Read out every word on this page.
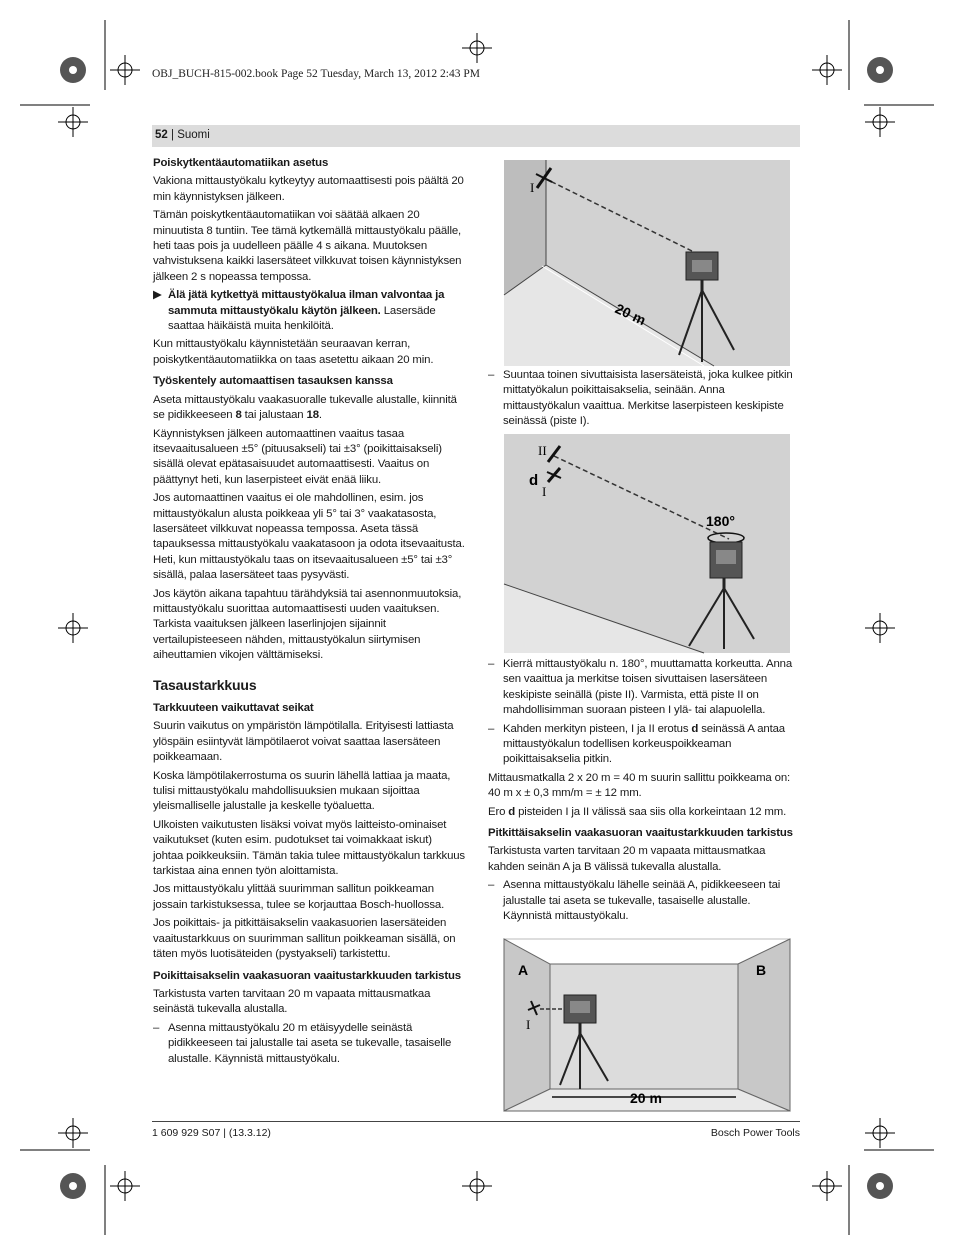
OBJ_BUCH-815-002.book Page 52 Tuesday, March 13, 2012 2:43 PM
52 | Suomi
Poiskytkentäautomatiikan asetus

Vakiona mittaustyökalu kytkeytyy automaattisesti pois päältä 20 min käynnistyksen jälkeen.

Tämän poiskytkentäautomatiikan voi säätää alkaen 20 minuutista 8 tuntiin. Tee tämä kytkemällä mittaustyökalu päälle, heti taas pois ja uudelleen päälle 4 s aikana. Muutoksen vahvistuksena kaikki lasersäteet vilkkuvat toisen käynnistyksen jälkeen 2 s nopeassa tempossa.

▶ Älä jätä kytkettyä mittaustyökalua ilman valvontaa ja sammuta mittaustyökalu käytön jälkeen. Lasersäde saattaa häikäistä muita henkilöitä.

Kun mittaustyökalu käynnistetään seuraavan kerran, poiskytkentäautomatiikka on taas asetettu aikaan 20 min.

Työskentely automaattisen tasauksen kanssa

Aseta mittaustyökalu vaakasuoralle tukevalle alustalle, kiinnitä se pidikkeeseen 8 tai jalustaan 18.

Käynnistyksen jälkeen automaattinen vaaitus tasaa itsevaaitusalueen ±5° (pituusakseli) tai ±3° (poikittaisakseli) sisällä olevat epätasaisuudet automaattisesti. Vaaitus on päättynyt heti, kun laserpisteet eivät enää liiku.

Jos automaattinen vaaitus ei ole mahdollinen, esim. jos mittaustyökalun alusta poikkeaa yli 5° tai 3° vaakatasosta, lasersäteet vilkkuvat nopeassa tempossa. Aseta tässä tapauksessa mittaustyökalu vaakatasoon ja odota itsevaaitusta. Heti, kun mittaustyökalu taas on itsevaaitusalueen ±5° tai ±3° sisällä, palaa lasersäteet taas pysyvästi.

Jos käytön aikana tapahtuu tärähdyksiä tai asennonmuutoksia, mittaustyökalu suorittaa automaattisesti uuden vaaituksen. Tarkista vaaituksen jälkeen laserlinjojen sijainnit vertailupisteeseen nähden, mittaustyökalun siirtymisen aiheuttamien vikojen välttämiseksi.

Tasaustarkkuus
Tarkkuuteen vaikuttavat seikat

Suurin vaikutus on ympäristön lämpötilalla. Erityisesti lattiasta ylöspäin esiintyvät lämpötilaerot voivat saattaa lasersäteen poikkeamaan.

Koska lämpötilakerrostuma os suurin lähellä lattiaa ja maata, tulisi mittaustyökalu mahdollisuuksien mukaan sijoittaa yleismalliselle jalustalle ja keskelle työaluetta.

Ulkoisten vaikutusten lisäksi voivat myös laitteisto-ominaiset vaikutukset (kuten esim. pudotukset tai voimakkaat iskut) johtaa poikkeuksiin. Tämän takia tulee mittaustyökalun tarkkuus tarkistaa aina ennen työn aloittamista.

Jos mittaustyökalu ylittää suurimman sallitun poikkeaman jossain tarkistuksessa, tulee se korjauttaa Bosch-huollossa.

Jos poikittais- ja pitkittäisakselin vaakasuorien lasersäteiden vaaitustarkkuus on suurimman sallitun poikkeaman sisällä, on täten myös luotisäteiden (pystyakseli) tarkistettu.

Poikittaisakselin vaakasuoran vaaitustarkkuuden tarkistus

Tarkistusta varten tarvitaan 20 m vapaata mittausmatkaa seinästä tukevalla alustalla.

– Asenna mittaustyökalu 20 m etäisyydelle seinästä pidikkeeseen tai jalustalle tai aseta se tukevalle, tasaiselle alustalle. Käynnistä mittaustyökalu.
I
20 m
– Suuntaa toinen sivuttaisista lasersäteistä, joka kulkee pitkin mittatyökalun poikittaisakselia, seinään. Anna mittaustyökalun vaaittua. Merkitse laserpisteen keskipiste seinässä (piste I).
II
I
d
180°
– Kierrä mittaustyökalu n. 180°, muuttamatta korkeutta. Anna sen vaaittua ja merkitse toisen sivuttaisen lasersäteen keskipiste seinällä (piste II). Varmista, että piste II on mahdollisimman suoraan pisteen I ylä- tai alapuolella.
– Kahden merkityn pisteen, I ja II erotus d seinässä A antaa mittaustyökalun todellisen korkeuspoikkeaman poikittaisakselia pitkin.

Mittausmatkalla 2 x 20 m = 40 m suurin sallittu poikkeama on: 40 m x ± 0,3 mm/m = ± 12 mm.

Ero d pisteiden I ja II välissä saa siis olla korkeintaan 12 mm.

Pitkittäisakselin vaakasuoran vaaitustarkkuuden tarkistus

Tarkistusta varten tarvitaan 20 m vapaata mittausmatkaa kahden seinän A ja B välissä tukevalla alustalla.

– Asenna mittaustyökalu lähelle seinää A, pidikkeeseen tai jalustalle tai aseta se tukevalle, tasaiselle alustalle. Käynnistä mittaustyökalu.
A	B
I
20 m
1 609 929 S07 | (13.3.12)	Bosch Power Tools
